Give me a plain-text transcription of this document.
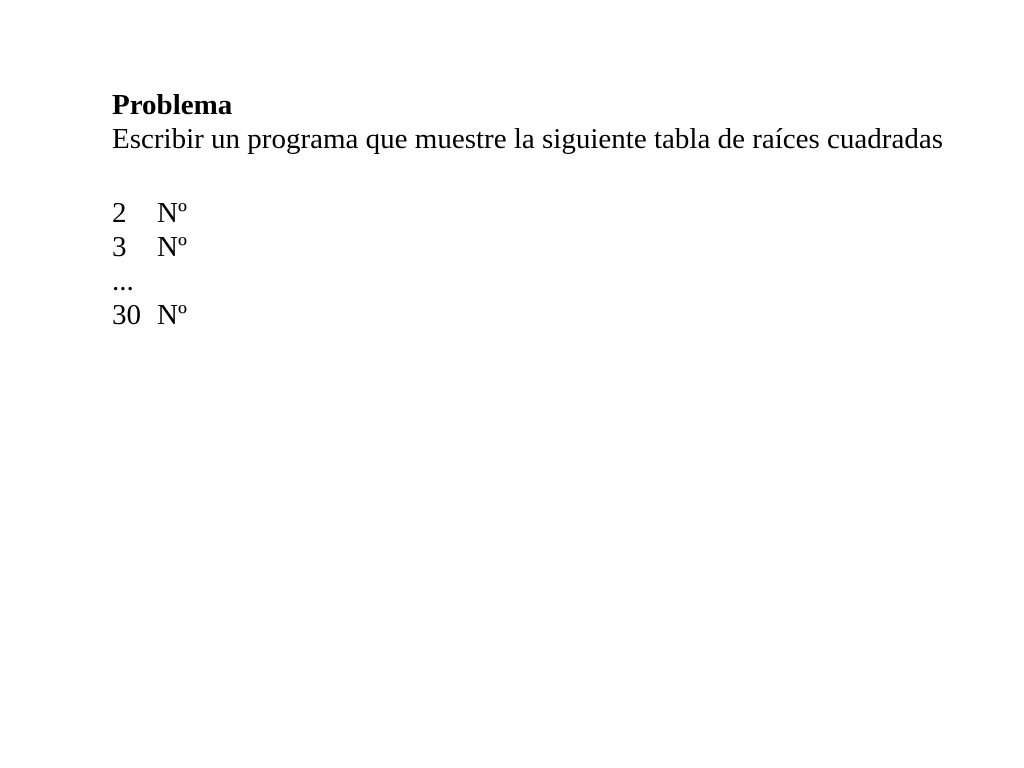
Problema

Escribir un programa que muestre la siguiente tabla de raíces cuadradas

2	Nº
3	Nº
...
30 Nº
